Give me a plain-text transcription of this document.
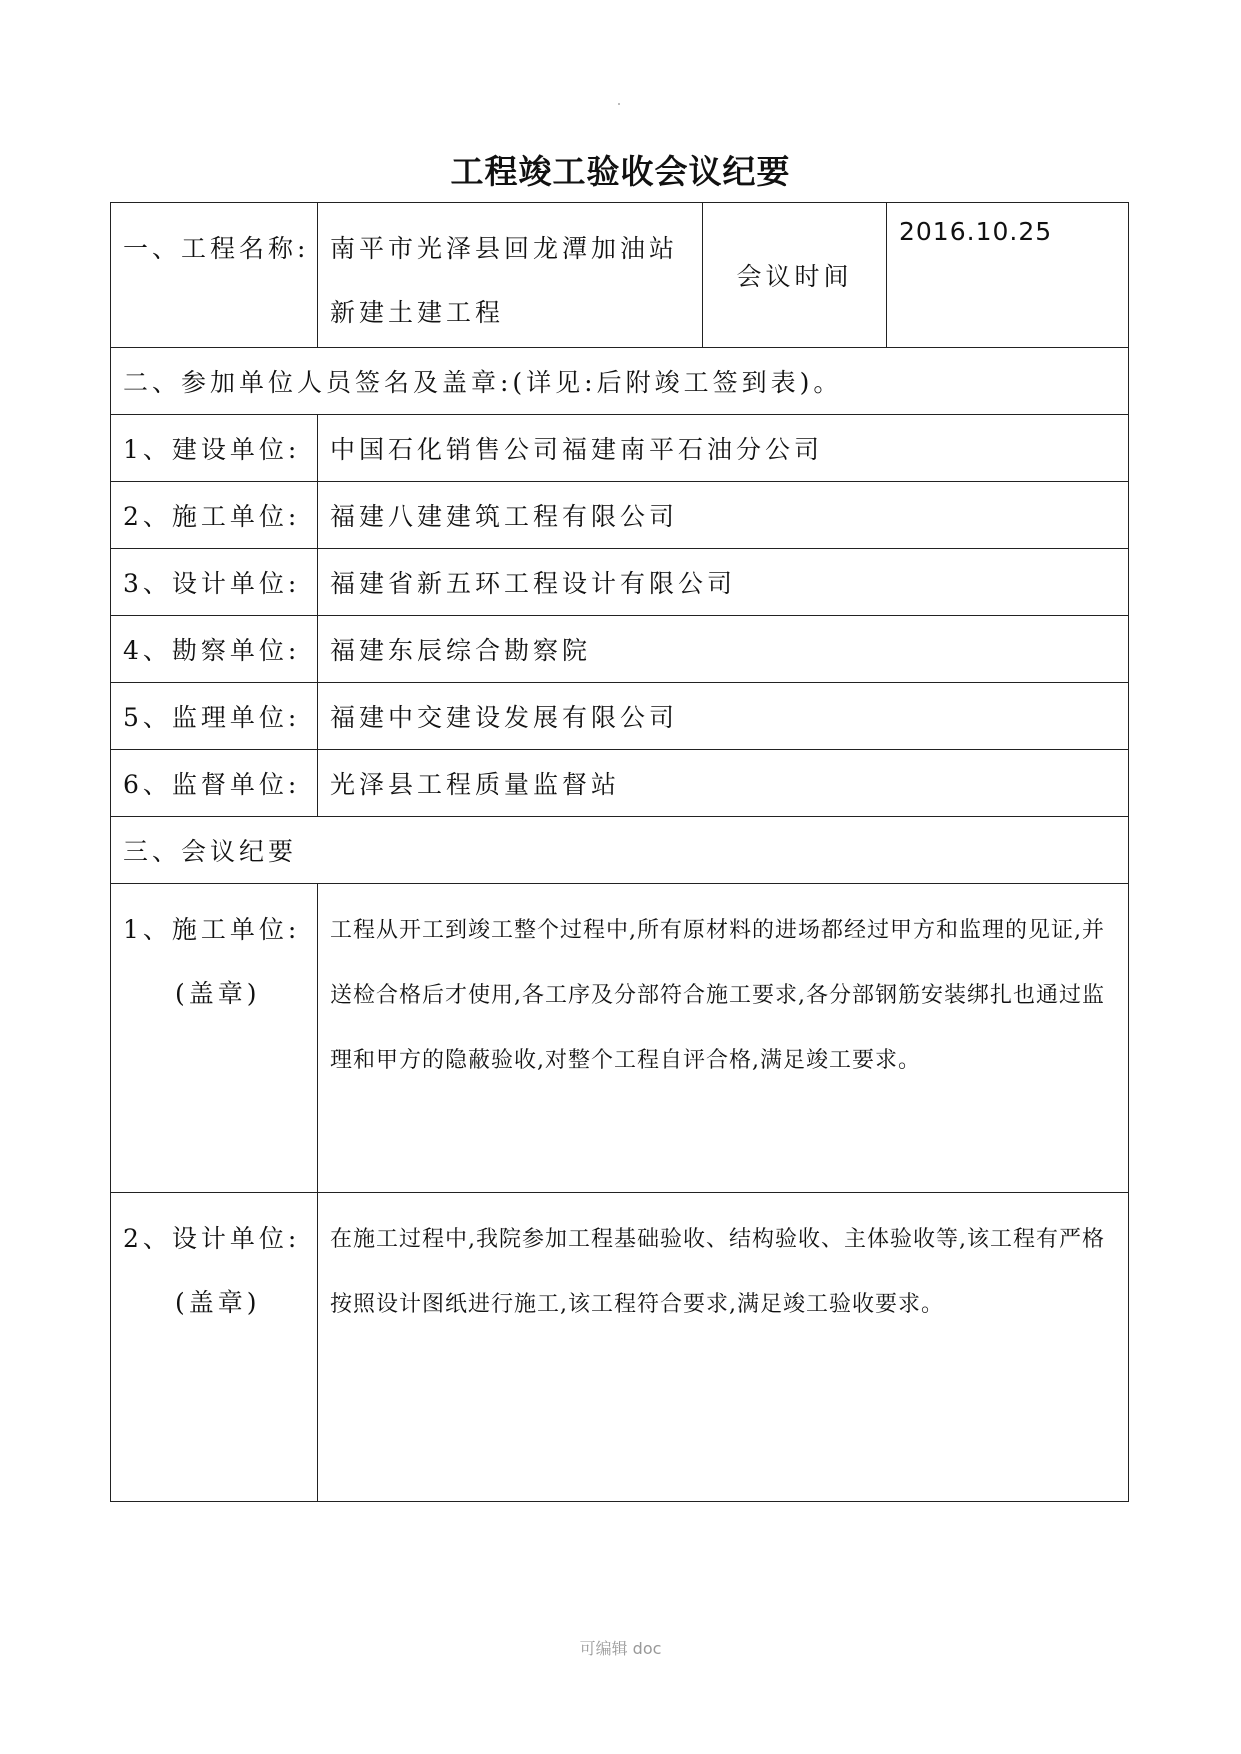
工程竣工验收会议纪要
一、工程名称:	南平市光泽县回龙潭加油站新建土建工程	会议时间	2016.10.25
二、参加单位人员签名及盖章:(详见:后附竣工签到表)。			
1、建设单位:	中国石化销售公司福建南平石油分公司		
2、施工单位:	福建八建建筑工程有限公司		
3、设计单位:	福建省新五环工程设计有限公司		
4、勘察单位:	福建东辰综合勘察院		
5、监理单位:	福建中交建设发展有限公司		
6、监督单位:	光泽县工程质量监督站		
三、会议纪要			

1、施工单位:
(盖章)	工程从开工到竣工整个过程中,所有原材料的进场都经过甲方和监理的见证,并送检合格后才使用,各工序及分部符合施工要求,各分部钢筋安装绑扎也通过监理和甲方的隐蔽验收,对整个工程自评合格,满足竣工要求。		

2、设计单位:
(盖章)	在施工过程中,我院参加工程基础验收、结构验收、主体验收等,该工程有严格按照设计图纸进行施工,该工程符合要求,满足竣工验收要求。		
可编辑 doc
